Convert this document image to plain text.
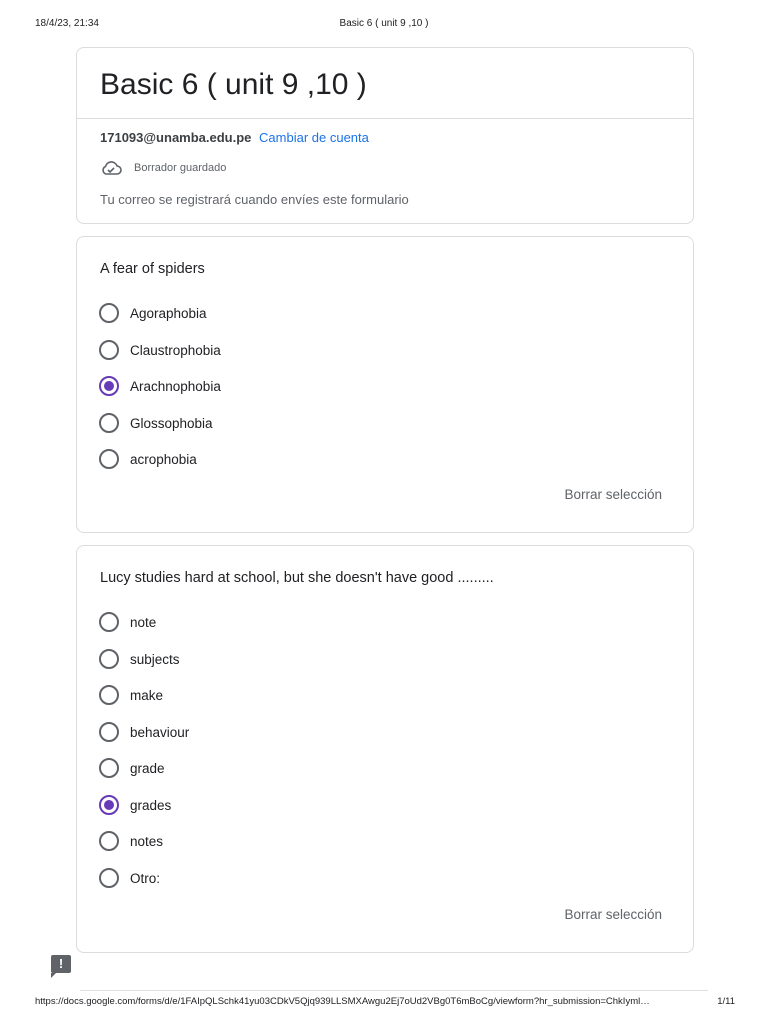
18/4/23, 21:34	Basic 6 ( unit 9 ,10 )
Basic 6 ( unit 9 ,10 )
171093@unamba.edu.pe Cambiar de cuenta
Borrador guardado
Tu correo se registrará cuando envíes este formulario
A fear of spiders
Agoraphobia
Claustrophobia
Arachnophobia
Glossophobia
acrophobia
Borrar selección
Lucy studies hard at school, but she doesn't have good .........
note
subjects
make
behaviour
grade
grades
notes
Otro:
Borrar selección
!
https://docs.google.com/forms/d/e/1FAIpQLSchk41yu03CDkV5Qjq939LLSMXAwgu2Ej7oUd2VBg0T6mBoCg/viewform?hr_submission=ChkIyml…	1/11
